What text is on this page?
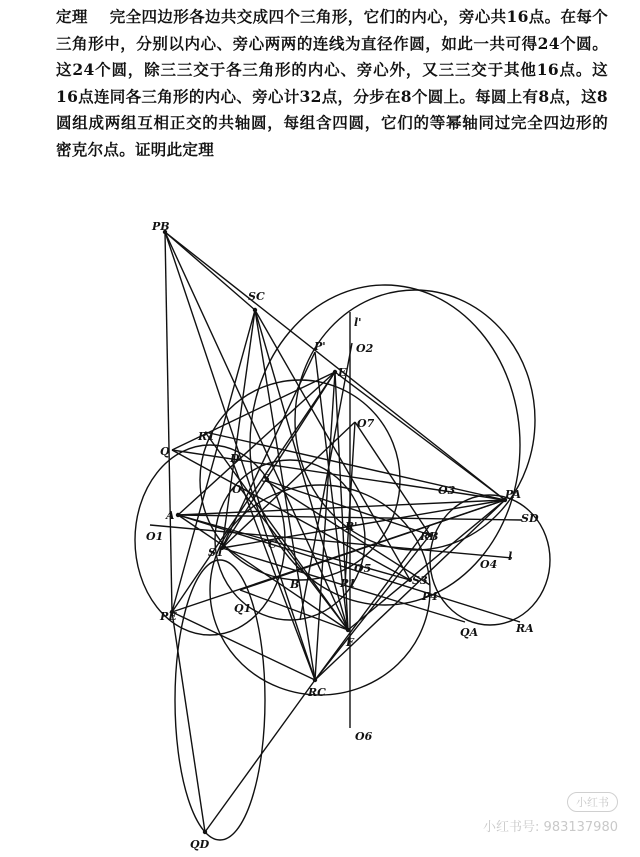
定理 完全四边形各边共交成四个三角形，它们的内心，旁心共16点。在每个三角形中，分别以内心、旁心两两的连线为直径作圆，如此一共可得24个圆。这24个圆，除三三交于各三角形的内心、旁心外，又三三交于其他16点。这16点连同各三角形的内心、旁心计32点，分步在8个圆上。每圆上有8点，这8圆组成两组互相正交的共轴圆，每组含四圆，它们的等幂轴同过完全四边形的密克尔点。证明此定理
PB
SC
P'
l'
O2
E
O7
R1
Q
O
D
S
O3	PA
SD
A
O1
R'
RB
S1
O5	O4
l
P1	S3
P4
PE
Q1
F
QA	RA
RC
O6
QD
B
C
小红书
小红书号: 983137980
